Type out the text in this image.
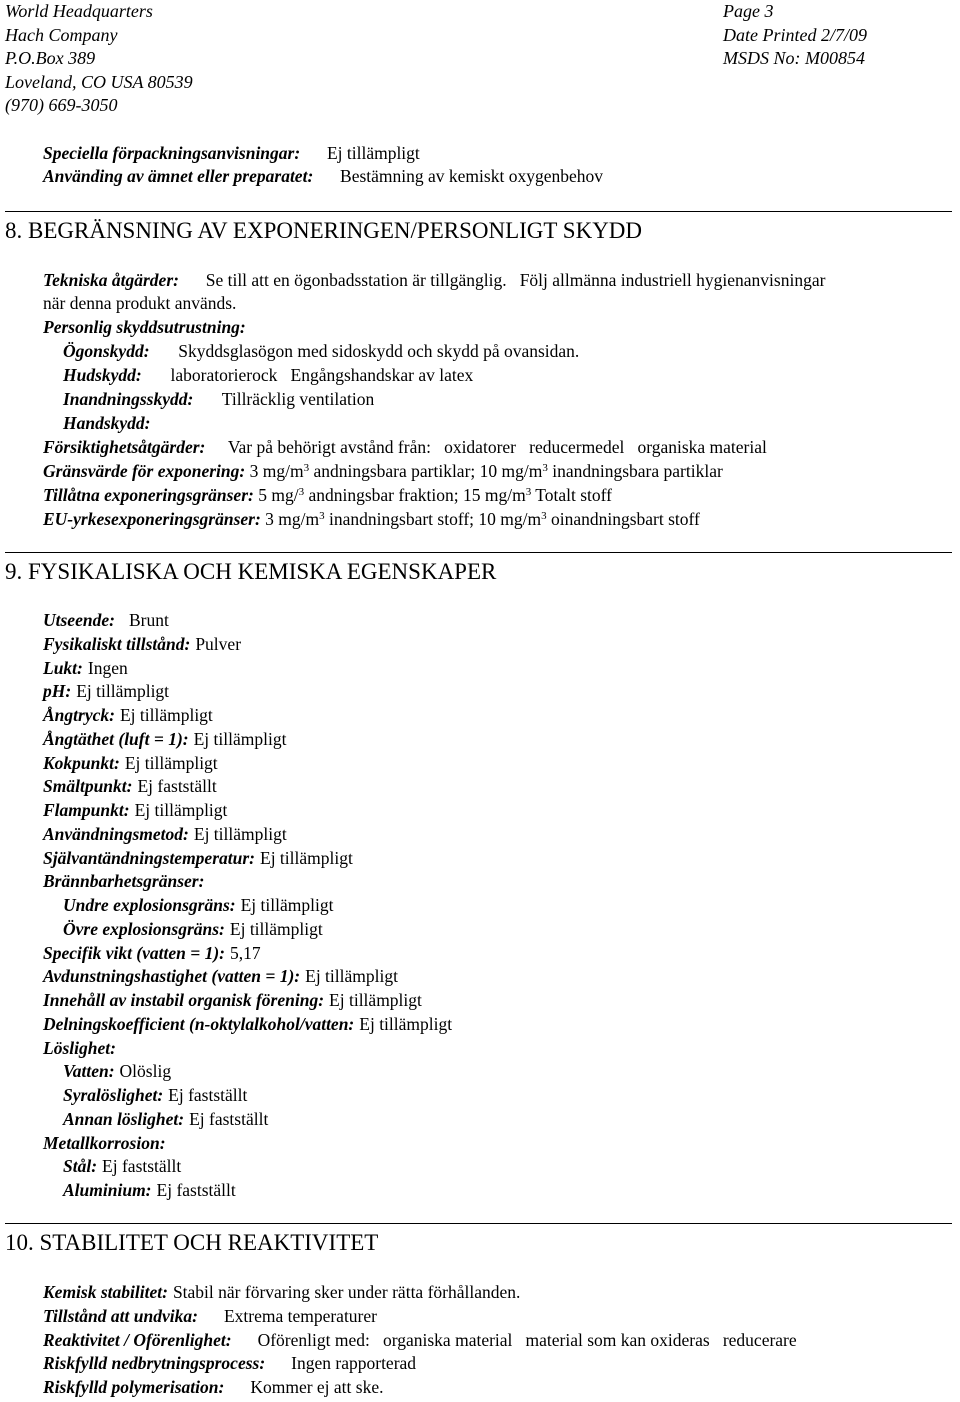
World Headquarters
Hach Company
P.O.Box 389
Loveland, CO USA 80539
(970) 669-3050
Page 3
Date Printed 2/7/09
MSDS No: M00854
Speciella förpackningsanvisningar: Ej tillämpligt
Använding av ämnet eller preparatet: Bestämning av kemiskt oxygenbehov
8. BEGRÄNSNING AV EXPONERINGEN/PERSONLIGT SKYDD
Tekniska åtgärder: Se till att en ögonbadsstation är tillgänglig.   Följ allmänna industriell hygienanvisningar
när denna produkt används.
Personlig skyddsutrustning:
Ögonskydd: Skyddsglasögon med sidoskydd och skydd på ovansidan.
Hudskydd: laboratorierock   Engångshandskar av latex
Inandningsskydd: Tillräcklig ventilation
Handskydd:
Försiktighetsåtgärder: Var på behörigt avstånd från:   oxidatorer   reducermedel   organiska material
Gränsvärde för exponering: 3 $mg/m^3$ andningsbara partiklar; 10 $mg/m^3$ inandningsbara partiklar
Tillåtna exponeringsgränser: 5 mg/$^3$ andningsbar fraktion; 15 $mg/m^3$ Totalt stoff
EU-yrkesexponeringsgränser: 3 $mg/m^3$ inandningsbart stoff; 10 $mg/m^3$ oinandningsbart stoff
9. FYSIKALISKA OCH KEMISKA EGENSKAPER
Utseende: Brunt
Fysikaliskt tillstånd: Pulver
Lukt: Ingen
pH: Ej tillämpligt
Ångtryck: Ej tillämpligt
Ångtäthet (luft = 1): Ej tillämpligt
Kokpunkt: Ej tillämpligt
Smältpunkt: Ej fastställt
Flampunkt: Ej tillämpligt
Användningsmetod: Ej tillämpligt
Självantändningstemperatur: Ej tillämpligt
Brännbarhetsgränser:
Undre explosionsgräns: Ej tillämpligt
Övre explosionsgräns: Ej tillämpligt
Specifik vikt (vatten = 1): 5,17
Avdunstningshastighet (vatten = 1): Ej tillämpligt
Innehåll av instabil organisk förening: Ej tillämpligt
Delningskoefficient (n-oktylalkohol/vatten: Ej tillämpligt
Löslighet:
Vatten: Olöslig
Syralöslighet: Ej fastställt
Annan löslighet: Ej fastställt
Metallkorrosion:
Stål: Ej fastställt
Aluminium: Ej fastställt
10. STABILITET OCH REAKTIVITET
Kemisk stabilitet: Stabil när förvaring sker under rätta förhållanden.
Tillstånd att undvika: Extrema temperaturer
Reaktivitet / Oförenlighet: Oförenligt med:   organiska material   material som kan oxideras   reducerare
Riskfylld nedbrytningsprocess: Ingen rapporterad
Riskfylld polymerisation: Kommer ej att ske.
